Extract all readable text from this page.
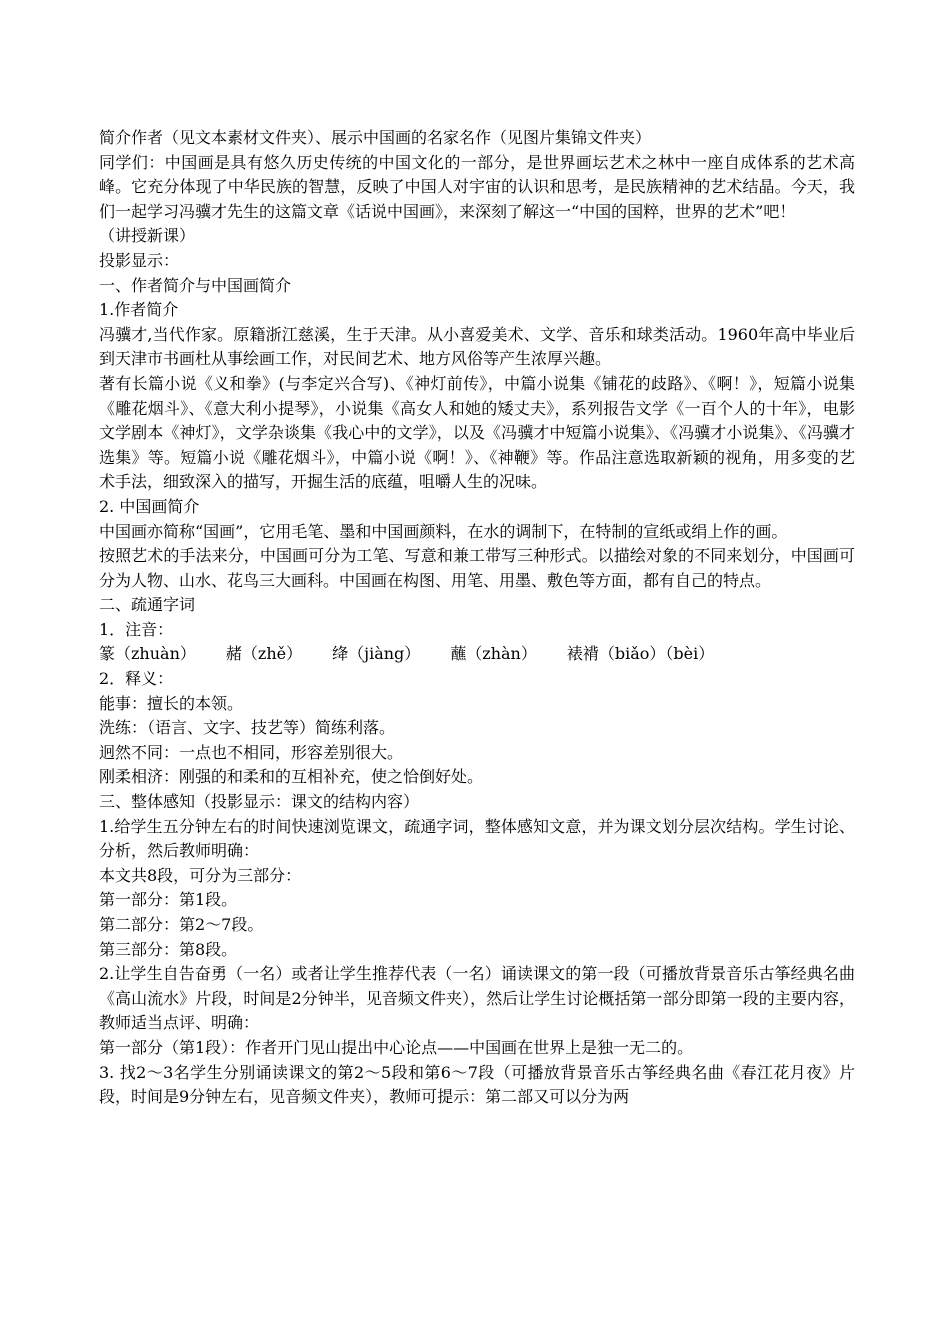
简介作者（见文本素材文件夹）、展示中国画的名家名作（见图片集锦文件夹）

同学们：中国画是具有悠久历史传统的中国文化的一部分，是世界画坛艺术之林中一座自成体系的艺术高峰。它充分体现了中华民族的智慧，反映了中国人对宇宙的认识和思考，是民族精神的艺术结晶。今天，我们一起学习冯骥才先生的这篇文章《话说中国画》，来深刻了解这一“中国的国粹，世界的艺术”吧！

（讲授新课）

投影显示：

一、作者简介与中国画简介

1.作者简介

冯骥才,当代作家。原籍浙江慈溪，生于天津。从小喜爱美术、文学、音乐和球类活动。1960年高中毕业后到天津市书画杜从事绘画工作，对民间艺术、地方风俗等产生浓厚兴趣。

著有长篇小说《义和拳》(与李定兴合写)、《神灯前传》，中篇小说集《铺花的歧路》、《啊！》，短篇小说集《雕花烟斗》、《意大利小提琴》，小说集《高女人和她的矮丈夫》，系列报告文学《一百个人的十年》，电影文学剧本《神灯》，文学杂谈集《我心中的文学》，以及《冯骥才中短篇小说集》、《冯骥才小说集》、《冯骥才选集》等。短篇小说《雕花烟斗》，中篇小说《啊！》、《神鞭》等。作品注意选取新颖的视角，用多变的艺术手法，细致深入的描写，开掘生活的底蕴，咀嚼人生的况味。

2. 中国画简介

中国画亦简称“国画”，它用毛笔、墨和中国画颜料，在水的调制下，在特制的宣纸或绢上作的画。

按照艺术的手法来分，中国画可分为工笔、写意和兼工带写三种形式。以描绘对象的不同来划分，中国画可分为人物、山水、花鸟三大画科。中国画在构图、用笔、用墨、敷色等方面，都有自己的特点。

二、疏通字词

1．注音：

篆（zhuàn） 赭（zhě） 绛（jiàng） 蘸（zhàn） 裱褙（biǎo）（bèi）

2．释义：

能事：擅长的本领。

洗练：（语言、文字、技艺等）简练利落。

迥然不同：一点也不相同，形容差别很大。

刚柔相济：刚强的和柔和的互相补充，使之恰倒好处。

三、整体感知（投影显示：课文的结构内容）

1.给学生五分钟左右的时间快速浏览课文，疏通字词，整体感知文意，并为课文划分层次结构。学生讨论、分析，然后教师明确：

本文共8段，可分为三部分：

第一部分：第1段。

第二部分：第2～7段。

第三部分：第8段。

2.让学生自告奋勇（一名）或者让学生推荐代表（一名）诵读课文的第一段（可播放背景音乐古筝经典名曲《高山流水》片段，时间是2分钟半，见音频文件夹），然后让学生讨论概括第一部分即第一段的主要内容，教师适当点评、明确：

第一部分（第1段）：作者开门见山提出中心论点——中国画在世界上是独一无二的。

3. 找2～3名学生分别诵读课文的第2～5段和第6～7段（可播放背景音乐古筝经典名曲《春江花月夜》片段，时间是9分钟左右，见音频文件夹），教师可提示：第二部又可以分为两
